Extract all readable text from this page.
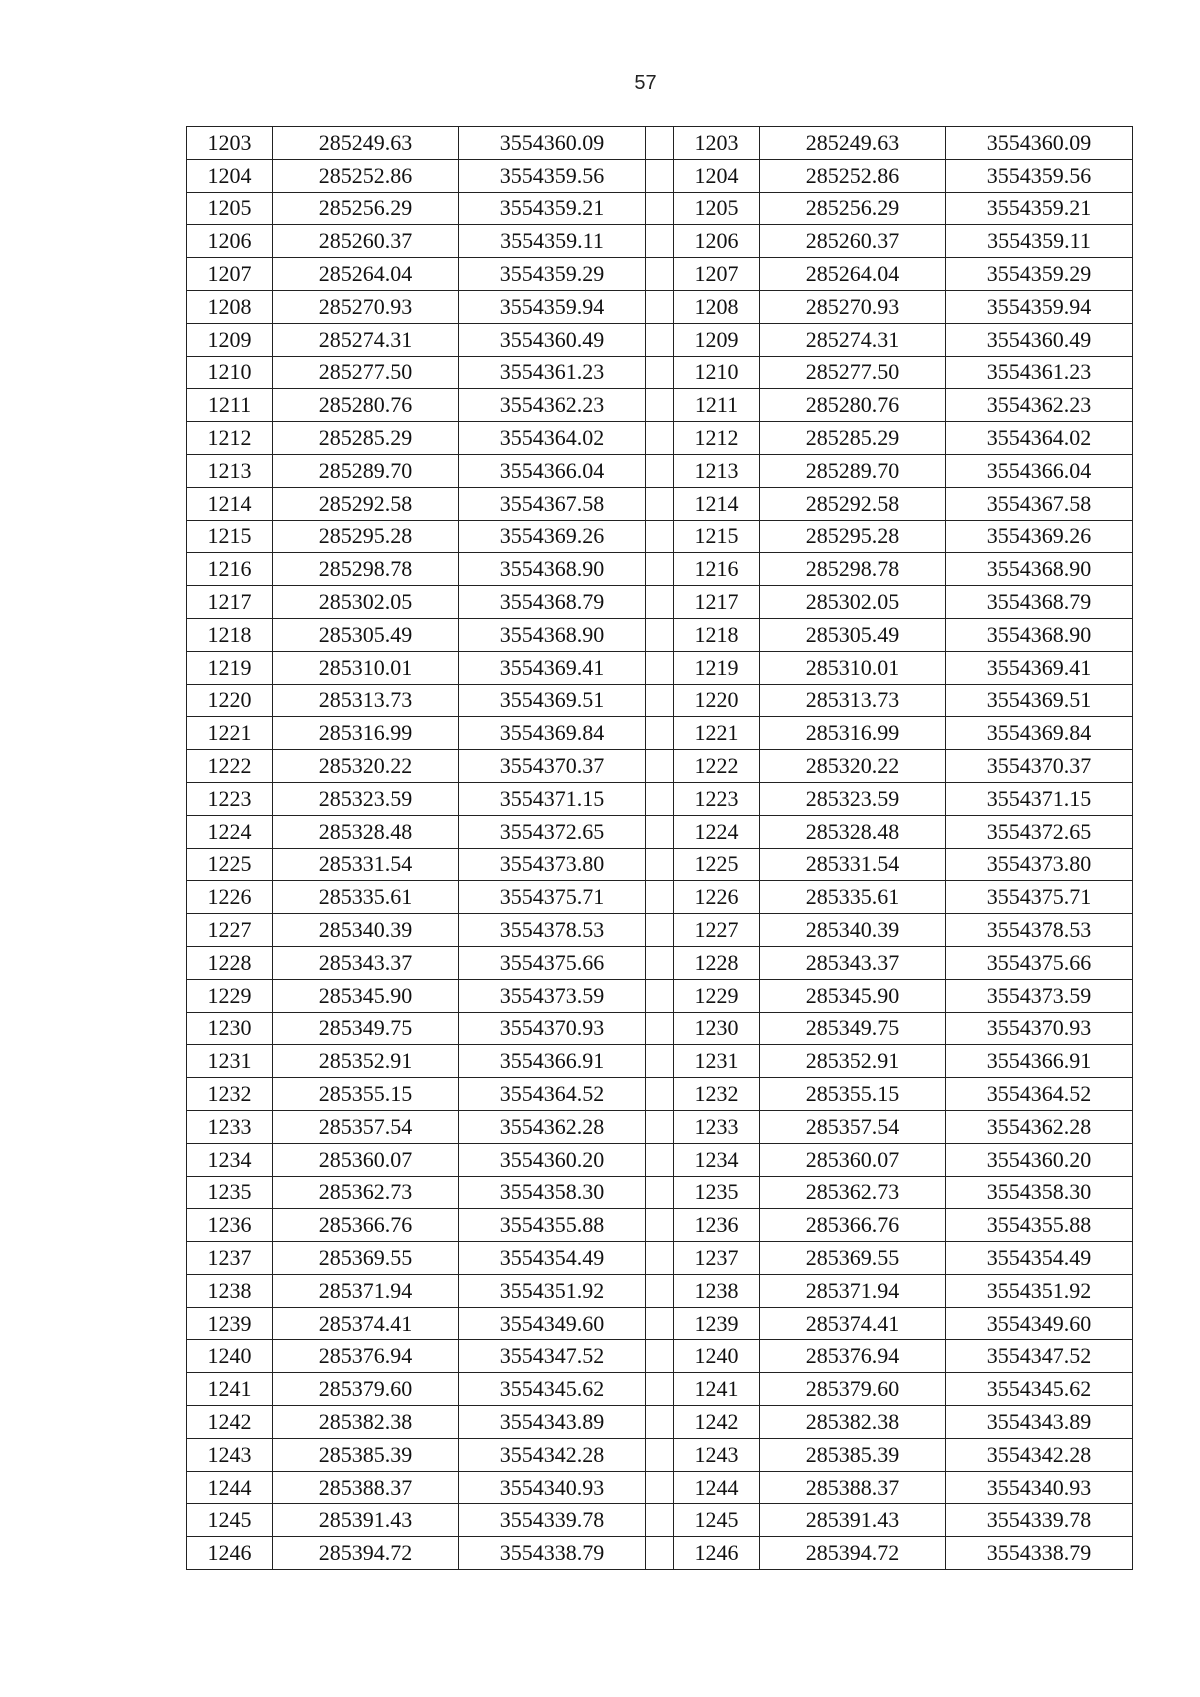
57
1203	285249.63	3554360.09		1203	285249.63	3554360.09
1204	285252.86	3554359.56		1204	285252.86	3554359.56
1205	285256.29	3554359.21		1205	285256.29	3554359.21
1206	285260.37	3554359.11		1206	285260.37	3554359.11
1207	285264.04	3554359.29		1207	285264.04	3554359.29
1208	285270.93	3554359.94		1208	285270.93	3554359.94
1209	285274.31	3554360.49		1209	285274.31	3554360.49
1210	285277.50	3554361.23		1210	285277.50	3554361.23
1211	285280.76	3554362.23		1211	285280.76	3554362.23
1212	285285.29	3554364.02		1212	285285.29	3554364.02
1213	285289.70	3554366.04		1213	285289.70	3554366.04
1214	285292.58	3554367.58		1214	285292.58	3554367.58
1215	285295.28	3554369.26		1215	285295.28	3554369.26
1216	285298.78	3554368.90		1216	285298.78	3554368.90
1217	285302.05	3554368.79		1217	285302.05	3554368.79
1218	285305.49	3554368.90		1218	285305.49	3554368.90
1219	285310.01	3554369.41		1219	285310.01	3554369.41
1220	285313.73	3554369.51		1220	285313.73	3554369.51
1221	285316.99	3554369.84		1221	285316.99	3554369.84
1222	285320.22	3554370.37		1222	285320.22	3554370.37
1223	285323.59	3554371.15		1223	285323.59	3554371.15
1224	285328.48	3554372.65		1224	285328.48	3554372.65
1225	285331.54	3554373.80		1225	285331.54	3554373.80
1226	285335.61	3554375.71		1226	285335.61	3554375.71
1227	285340.39	3554378.53		1227	285340.39	3554378.53
1228	285343.37	3554375.66		1228	285343.37	3554375.66
1229	285345.90	3554373.59		1229	285345.90	3554373.59
1230	285349.75	3554370.93		1230	285349.75	3554370.93
1231	285352.91	3554366.91		1231	285352.91	3554366.91
1232	285355.15	3554364.52		1232	285355.15	3554364.52
1233	285357.54	3554362.28		1233	285357.54	3554362.28
1234	285360.07	3554360.20		1234	285360.07	3554360.20
1235	285362.73	3554358.30		1235	285362.73	3554358.30
1236	285366.76	3554355.88		1236	285366.76	3554355.88
1237	285369.55	3554354.49		1237	285369.55	3554354.49
1238	285371.94	3554351.92		1238	285371.94	3554351.92
1239	285374.41	3554349.60		1239	285374.41	3554349.60
1240	285376.94	3554347.52		1240	285376.94	3554347.52
1241	285379.60	3554345.62		1241	285379.60	3554345.62
1242	285382.38	3554343.89		1242	285382.38	3554343.89
1243	285385.39	3554342.28		1243	285385.39	3554342.28
1244	285388.37	3554340.93		1244	285388.37	3554340.93
1245	285391.43	3554339.78		1245	285391.43	3554339.78
1246	285394.72	3554338.79		1246	285394.72	3554338.79
